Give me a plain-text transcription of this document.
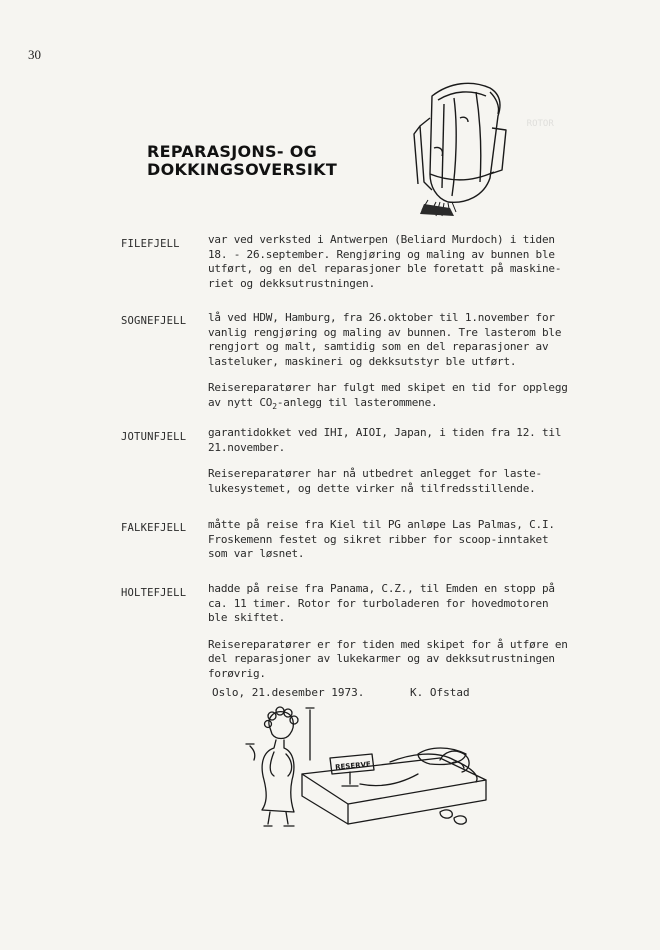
ROTOR

30
REPARASJONS- OG
DOKKINGSOVERSIKT
FILEFJELL	var ved verksted i Antwerpen (Beliard Murdoch) i tiden
18. - 26.september. Rengjøring og maling av bunnen ble
utført, og en del reparasjoner ble foretatt på maskine-
riet og dekksutrustningen.

SOGNEFJELL lå ved HDW, Hamburg, fra 26.oktober til 1.november for
vanlig rengjøring og maling av bunnen. Tre lasterom ble
rengjort og malt, samtidig som en del reparasjoner av
lasteluker, maskineri og dekksutstyr ble utført.

Reisereparatører har fulgt med skipet en tid for opplegg
av nytt $CO_2$-anlegg til lasterommene.

JOTUNFJELL garantidokket ved IHI, AIOI, Japan, i tiden fra 12. til
21.november.

Reisereparatører har nå utbedret anlegget for laste-
lukesystemet, og dette virker nå tilfredsstillende.

FALKEFJELL måtte på reise fra Kiel til PG anløpe Las Palmas, C.I.
Froskemenn festet og sikret ribber for scoop-inntaket
som var løsnet.

HOLTEFJELL hadde på reise fra Panama, C.Z., til Emden en stopp på
ca. 11 timer. Rotor for turboladeren for hovedmotoren
ble skiftet.

Reisereparatører er for tiden med skipet for å utføre en
del reparasjoner av lukekarmer og av dekksutrustningen
forøvrig.

Oslo, 21.desember 1973.	K. Ofstad
RESERVE
